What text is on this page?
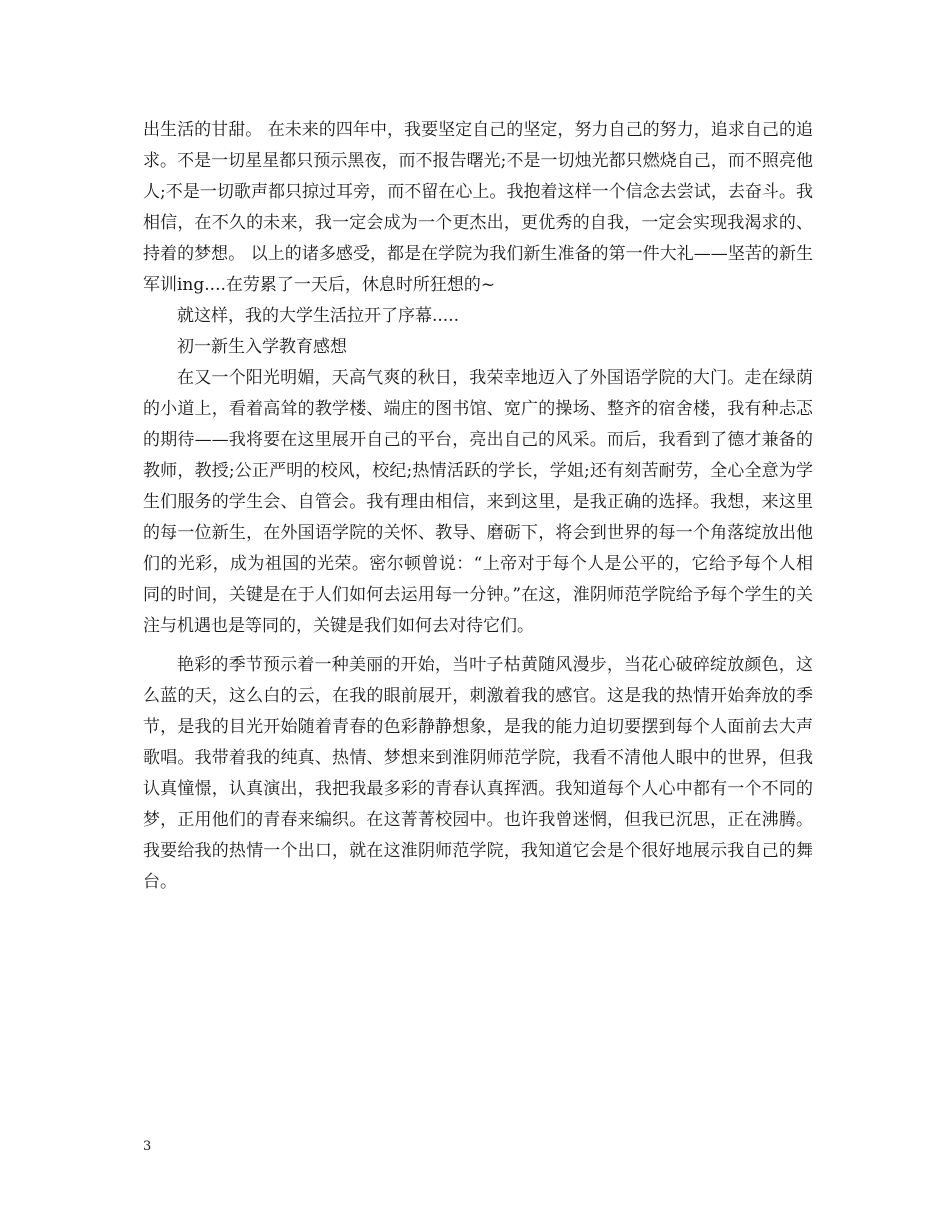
出生活的甘甜。 在未来的四年中，我要坚定自己的坚定，努力自己的努力，追求自己的追求。不是一切星星都只预示黑夜，而不报告曙光;不是一切烛光都只燃烧自己，而不照亮他人;不是一切歌声都只掠过耳旁，而不留在心上。我抱着这样一个信念去尝试，去奋斗。我相信，在不久的未来，我一定会成为一个更杰出，更优秀的自我，一定会实现我渴求的、持着的梦想。 以上的诸多感受，都是在学院为我们新生准备的第一件大礼——坚苦的新生军训ing....在劳累了一天后，休息时所狂想的~

就这样，我的大学生活拉开了序幕.....

初一新生入学教育感想

在又一个阳光明媚，天高气爽的秋日，我荣幸地迈入了外国语学院的大门。走在绿荫的小道上，看着高耸的教学楼、端庄的图书馆、宽广的操场、整齐的宿舍楼，我有种忐忑的期待——我将要在这里展开自己的平台，亮出自己的风采。而后，我看到了德才兼备的教师，教授;公正严明的校风，校纪;热情活跃的学长，学姐;还有刻苦耐劳，全心全意为学生们服务的学生会、自管会。我有理由相信，来到这里，是我正确的选择。我想，来这里的每一位新生，在外国语学院的关怀、教导、磨砺下，将会到世界的每一个角落绽放出他们的光彩，成为祖国的光荣。密尔顿曾说：“上帝对于每个人是公平的，它给予每个人相同的时间，关键是在于人们如何去运用每一分钟。”在这，淮阴师范学院给予每个学生的关注与机遇也是等同的，关键是我们如何去对待它们。

艳彩的季节预示着一种美丽的开始，当叶子枯黄随风漫步，当花心破碎绽放颜色，这么蓝的天，这么白的云，在我的眼前展开，刺激着我的感官。这是我的热情开始奔放的季节，是我的目光开始随着青春的色彩静静想象，是我的能力迫切要摆到每个人面前去大声歌唱。我带着我的纯真、热情、梦想来到淮阴师范学院，我看不清他人眼中的世界，但我认真憧憬，认真演出，我把我最多彩的青春认真挥洒。我知道每个人心中都有一个不同的梦，正用他们的青春来编织。在这菁菁校园中。也许我曾迷惘，但我已沉思，正在沸腾。我要给我的热情一个出口，就在这淮阴师范学院，我知道它会是个很好地展示我自己的舞台。

3
